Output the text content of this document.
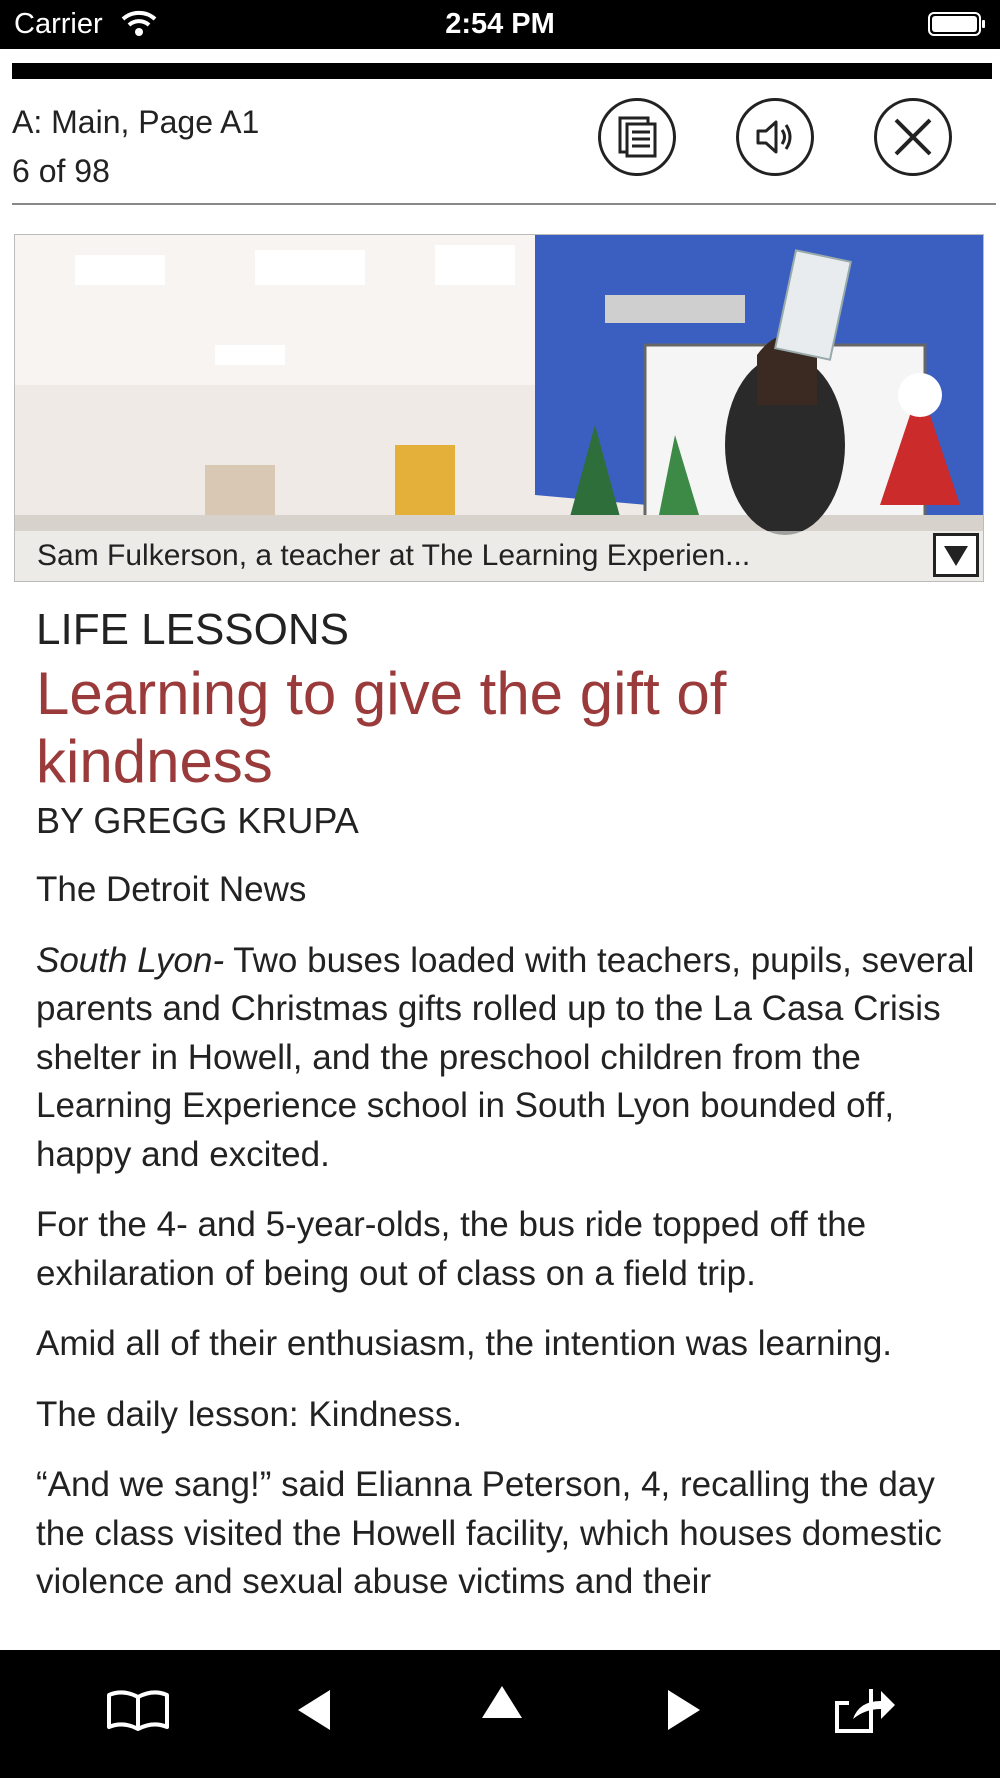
Carrier	2:54 PM
A: Main, Page A1
6 of 98
Sam Fulkerson, a teacher at The Learning Experien...
LIFE LESSONS
Learning to give the gift of kindness
BY GREGG KRUPA

The Detroit News

South Lyon- Two buses loaded with teachers, pupils, several parents and Christmas gifts rolled up to the La Casa Crisis shelter in Howell, and the preschool children from the Learning Experience school in South Lyon bounded off, happy and excited.

For the 4- and 5-year-olds, the bus ride topped off the exhilaration of being out of class on a field trip.

Amid all of their enthusiasm, the intention was learning.

The daily lesson: Kindness.

“And we sang!” said Elianna Peterson, 4, recalling the day the class visited the Howell facility, which houses domestic violence and sexual abuse victims and their
